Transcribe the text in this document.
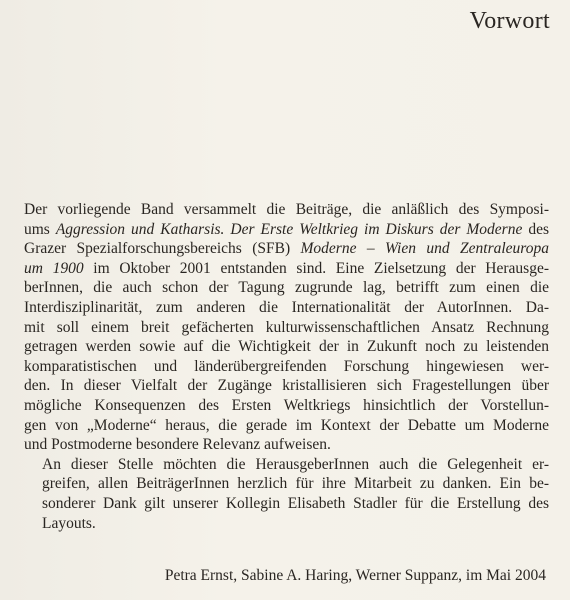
Vorwort

Der vorliegende Band versammelt die Beiträge, die anläßlich des Symposi-
ums Aggression und Katharsis. Der Erste Weltkrieg im Diskurs der Moderne des
Grazer Spezialforschungsbereichs (SFB) Moderne – Wien und Zentraleuropa
um 1900 im Oktober 2001 entstanden sind. Eine Zielsetzung der Herausge-
berInnen, die auch schon der Tagung zugrunde lag, betrifft zum einen die
Interdisziplinarität, zum anderen die Internationalität der AutorInnen. Da-
mit soll einem breit gefächerten kulturwissenschaftlichen Ansatz Rechnung
getragen werden sowie auf die Wichtigkeit der in Zukunft noch zu leistenden
komparatistischen und länderübergreifenden Forschung hingewiesen wer-
den. In dieser Vielfalt der Zugänge kristallisieren sich Fragestellungen über
mögliche Konsequenzen des Ersten Weltkriegs hinsichtlich der Vorstellun-
gen von „Moderne“ heraus, die gerade im Kontext der Debatte um Moderne
und Postmoderne besondere Relevanz aufweisen.

An dieser Stelle möchten die HerausgeberInnen auch die Gelegenheit er-
greifen, allen BeiträgerInnen herzlich für ihre Mitarbeit zu danken. Ein be-
sonderer Dank gilt unserer Kollegin Elisabeth Stadler für die Erstellung des
Layouts.

Petra Ernst, Sabine A. Haring, Werner Suppanz, im Mai 2004
